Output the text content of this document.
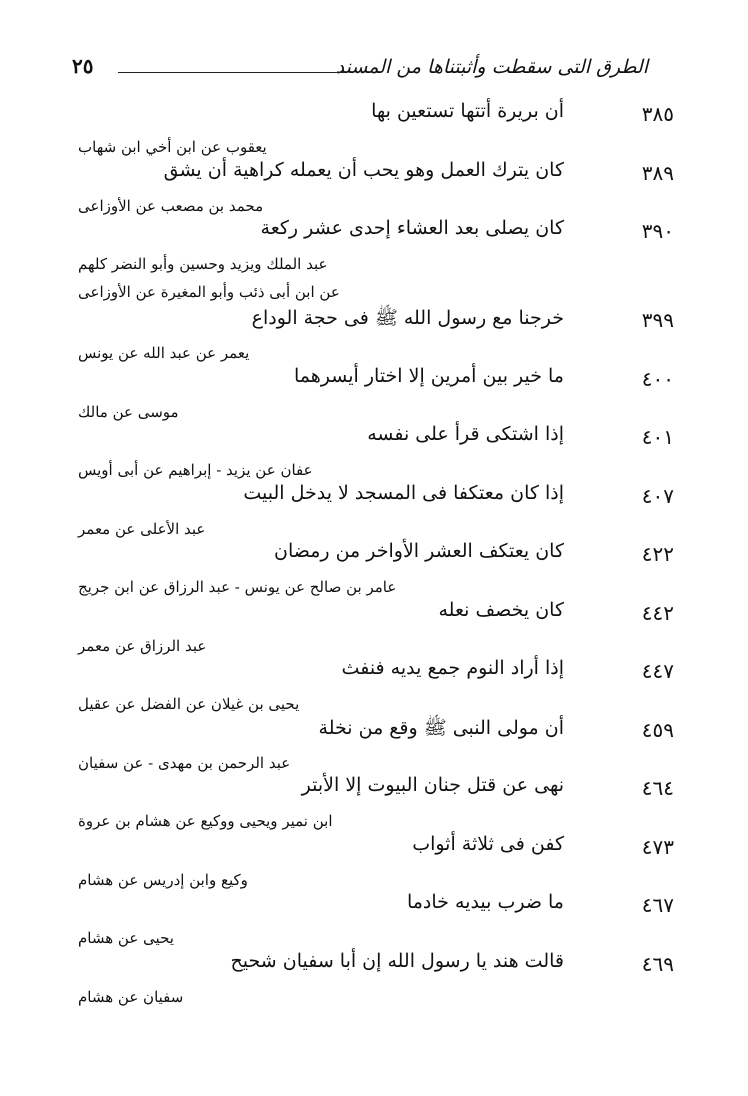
الطرق التى سقطت وأثبتناها من المسند
٢٥
٣٨٥
أن بريرة أتتها تستعين بها
يعقوب عن ابن أخي ابن شهاب
٣٨٩
كان يترك العمل وهو يحب أن يعمله كراهية أن يشق
محمد بن مصعب عن الأوزاعى
٣٩٠
كان يصلى بعد العشاء إحدى عشر ركعة
عبد الملك ويزيد وحسين وأبو النضر كلهم
عن ابن أبى ذئب وأبو المغيرة عن الأوزاعى
٣٩٩
خرجنا مع رسول الله ﷺ فى حجة الوداع
يعمر عن عبد الله عن يونس
٤٠٠
ما خير بين أمرين إلا اختار أيسرهما
موسى عن مالك
٤٠١
إذا اشتكى قرأ على نفسه
عفان عن يزيد - إبراهيم عن أبى أويس
٤٠٧
إذا كان معتكفا فى المسجد لا يدخل البيت
عبد الأعلى عن معمر
٤٢٢
كان يعتكف العشر الأواخر من رمضان
عامر بن صالح عن يونس - عبد الرزاق عن ابن جريج
٤٤٢
كان يخصف نعله
عبد الرزاق عن معمر
٤٤٧
إذا أراد النوم جمع يديه فنفث
يحيى بن غيلان عن الفضل عن عقيل
٤٥٩
أن مولى النبى ﷺ وقع من نخلة
عبد الرحمن بن مهدى - عن سفيان
٤٦٤
نهى عن قتل جنان البيوت إلا الأبتر
ابن نمير ويحيى ووكيع عن هشام بن عروة
٤٧٣
كفن فى ثلاثة أثواب
وكيع وابن إدريس عن هشام
٤٦٧
ما ضرب بيديه خادما
يحيى عن هشام
٤٦٩
قالت هند يا رسول الله إن أبا سفيان شحيح
سفيان عن هشام
